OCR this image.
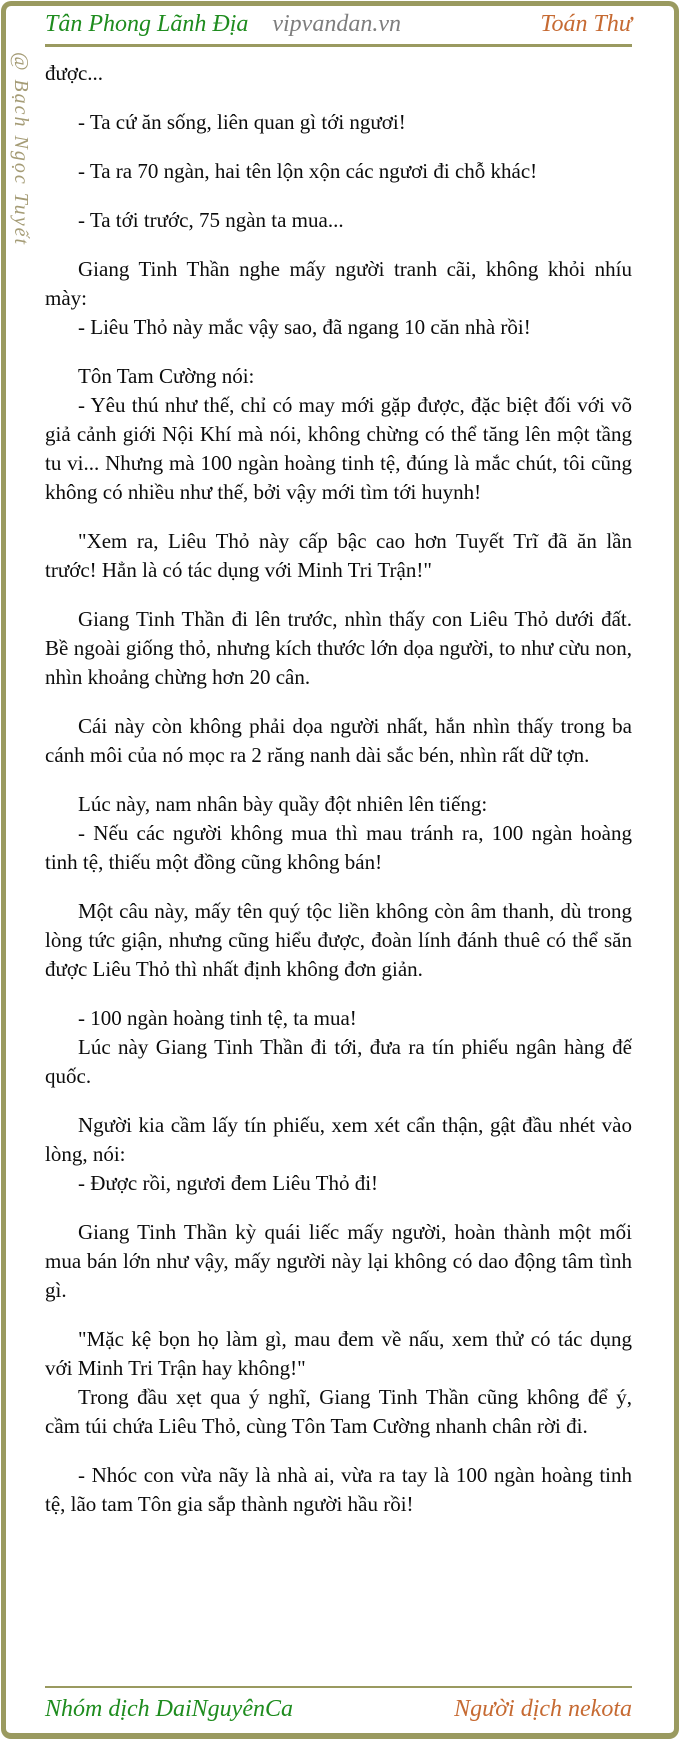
@ Bạch Ngọc Tuyết
Tân Phong Lãnh Địa vipvandan.vn	Toán Thư

được...

- Ta cứ ăn sống, liên quan gì tới ngươi!

- Ta ra 70 ngàn, hai tên lộn xộn các ngươi đi chỗ khác!

- Ta tới trước, 75 ngàn ta mua...

Giang Tinh Thần nghe mấy người tranh cãi, không khỏi nhíu mày:

- Liêu Thỏ này mắc vậy sao, đã ngang 10 căn nhà rồi!

Tôn Tam Cường nói:

- Yêu thú như thế, chỉ có may mới gặp được, đặc biệt đối với võ giả cảnh giới Nội Khí mà nói, không chừng có thể tăng lên một tầng tu vi... Nhưng mà 100 ngàn hoàng tinh tệ, đúng là mắc chút, tôi cũng không có nhiều như thế, bởi vậy mới tìm tới huynh!

"Xem ra, Liêu Thỏ này cấp bậc cao hơn Tuyết Trĩ đã ăn lần trước! Hẳn là có tác dụng với Minh Tri Trận!"

Giang Tinh Thần đi lên trước, nhìn thấy con Liêu Thỏ dưới đất. Bề ngoài giống thỏ, nhưng kích thước lớn dọa người, to như cừu non, nhìn khoảng chừng hơn 20 cân.

Cái này còn không phải dọa người nhất, hắn nhìn thấy trong ba cánh môi của nó mọc ra 2 răng nanh dài sắc bén, nhìn rất dữ tợn.

Lúc này, nam nhân bày quầy đột nhiên lên tiếng:

- Nếu các người không mua thì mau tránh ra, 100 ngàn hoàng tinh tệ, thiếu một đồng cũng không bán!

Một câu này, mấy tên quý tộc liền không còn âm thanh, dù trong lòng tức giận, nhưng cũng hiểu được, đoàn lính đánh thuê có thể săn được Liêu Thỏ thì nhất định không đơn giản.

- 100 ngàn hoàng tinh tệ, ta mua!

Lúc này Giang Tinh Thần đi tới, đưa ra tín phiếu ngân hàng đế quốc.

Người kia cầm lấy tín phiếu, xem xét cẩn thận, gật đầu nhét vào lòng, nói:

- Được rồi, ngươi đem Liêu Thỏ đi!

Giang Tinh Thần kỳ quái liếc mấy người, hoàn thành một mối mua bán lớn như vậy, mấy người này lại không có dao động tâm tình gì.

"Mặc kệ bọn họ làm gì, mau đem về nấu, xem thử có tác dụng với Minh Tri Trận hay không!"

Trong đầu xẹt qua ý nghĩ, Giang Tinh Thần cũng không để ý, cầm túi chứa Liêu Thỏ, cùng Tôn Tam Cường nhanh chân rời đi.

- Nhóc con vừa nãy là nhà ai, vừa ra tay là 100 ngàn hoàng tinh tệ, lão tam Tôn gia sắp thành người hầu rồi!

Nhóm dịch DaiNguyênCa	Người dịch nekota
